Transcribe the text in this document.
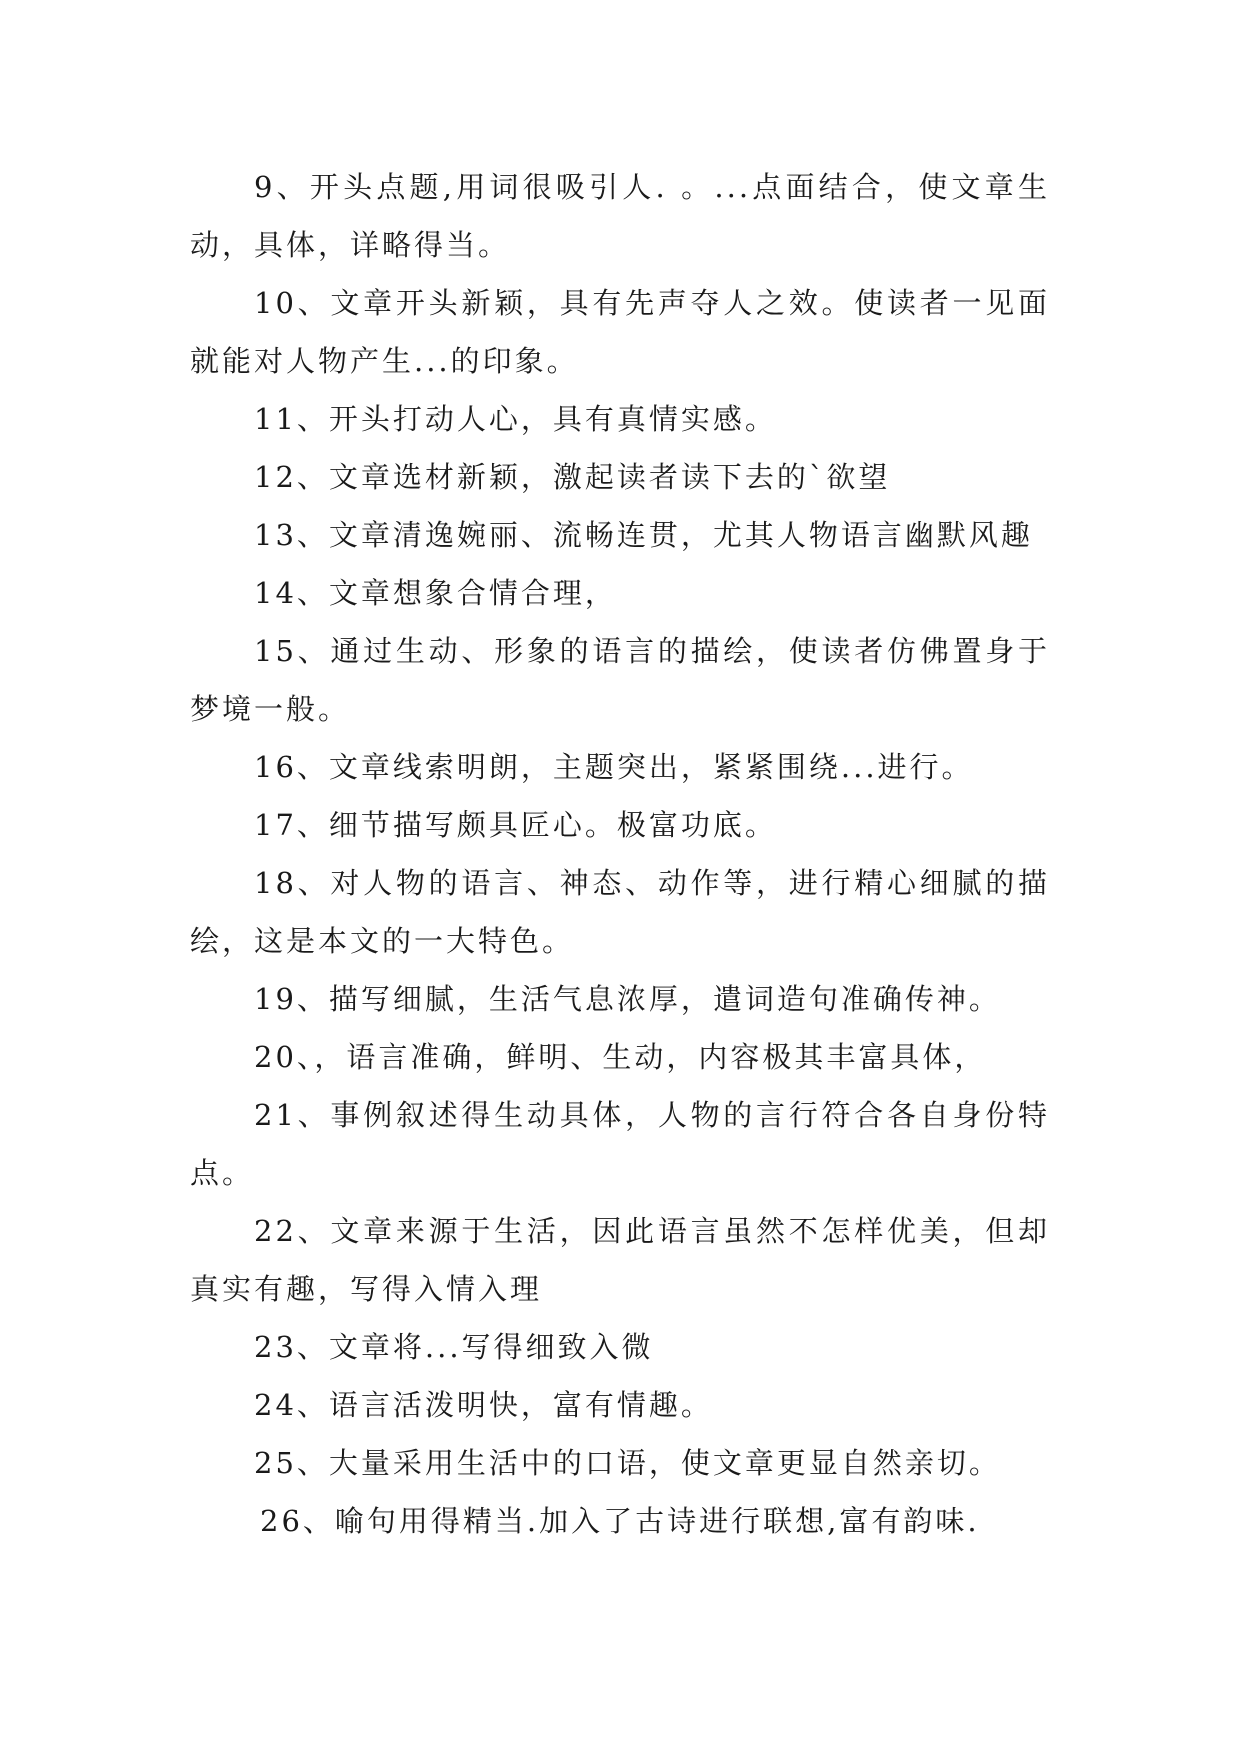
9、开头点题,用词很吸引人. 。...点面结合，使文章生动，具体，详略得当。

10、文章开头新颖，具有先声夺人之效。使读者一见面就能对人物产生...的印象。

11、开头打动人心，具有真情实感。

12、文章选材新颖，激起读者读下去的`欲望

13、文章清逸婉丽、流畅连贯，尤其人物语言幽默风趣

14、文章想象合情合理，

15、通过生动、形象的语言的描绘，使读者仿佛置身于梦境一般。

16、文章线索明朗，主题突出，紧紧围绕...进行。

17、细节描写颇具匠心。极富功底。

18、对人物的语言、神态、动作等，进行精心细腻的描绘，这是本文的一大特色。

19、描写细腻，生活气息浓厚，遣词造句准确传神。

20、，语言准确，鲜明、生动，内容极其丰富具体，

21、事例叙述得生动具体，人物的言行符合各自身份特点。

22、文章来源于生活，因此语言虽然不怎样优美，但却真实有趣，写得入情入理

23、文章将...写得细致入微

24、语言活泼明快，富有情趣。

25、大量采用生活中的口语，使文章更显自然亲切。

26、喻句用得精当.加入了古诗进行联想,富有韵味.
